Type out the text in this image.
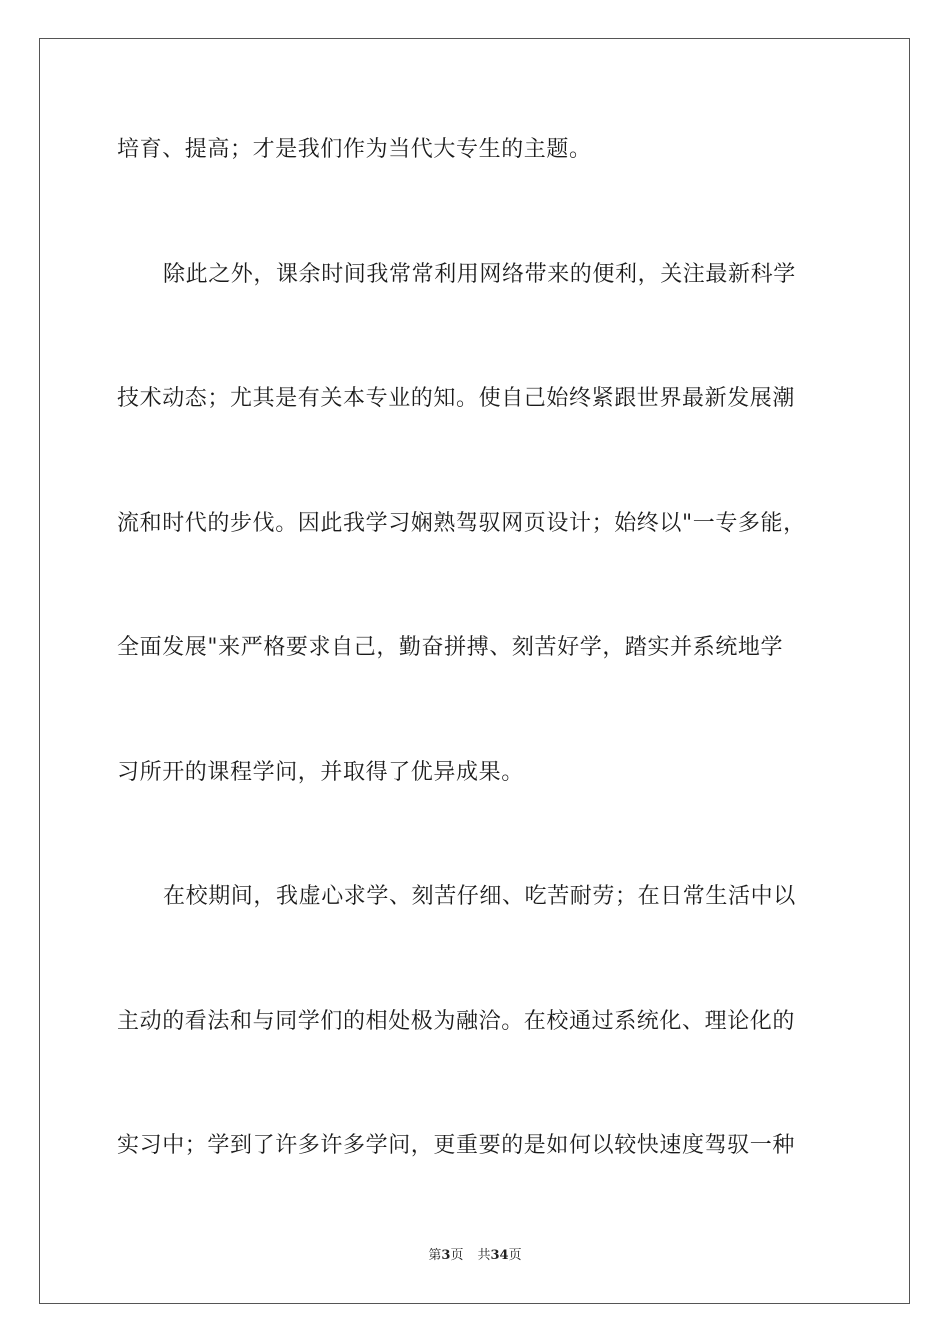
培育、提高；才是我们作为当代大专生的主题。
除此之外，课余时间我常常利用网络带来的便利，关注最新科学
技术动态；尤其是有关本专业的知。使自己始终紧跟世界最新发展潮
流和时代的步伐。因此我学习娴熟驾驭网页设计；始终以"一专多能，
全面发展"来严格要求自己，勤奋拼搏、刻苦好学，踏实并系统地学
习所开的课程学问，并取得了优异成果。
在校期间，我虚心求学、刻苦仔细、吃苦耐劳；在日常生活中以
主动的看法和与同学们的相处极为融洽。在校通过系统化、理论化的
实习中；学到了许多许多学问，更重要的是如何以较快速度驾驭一种
第3页 共34页
